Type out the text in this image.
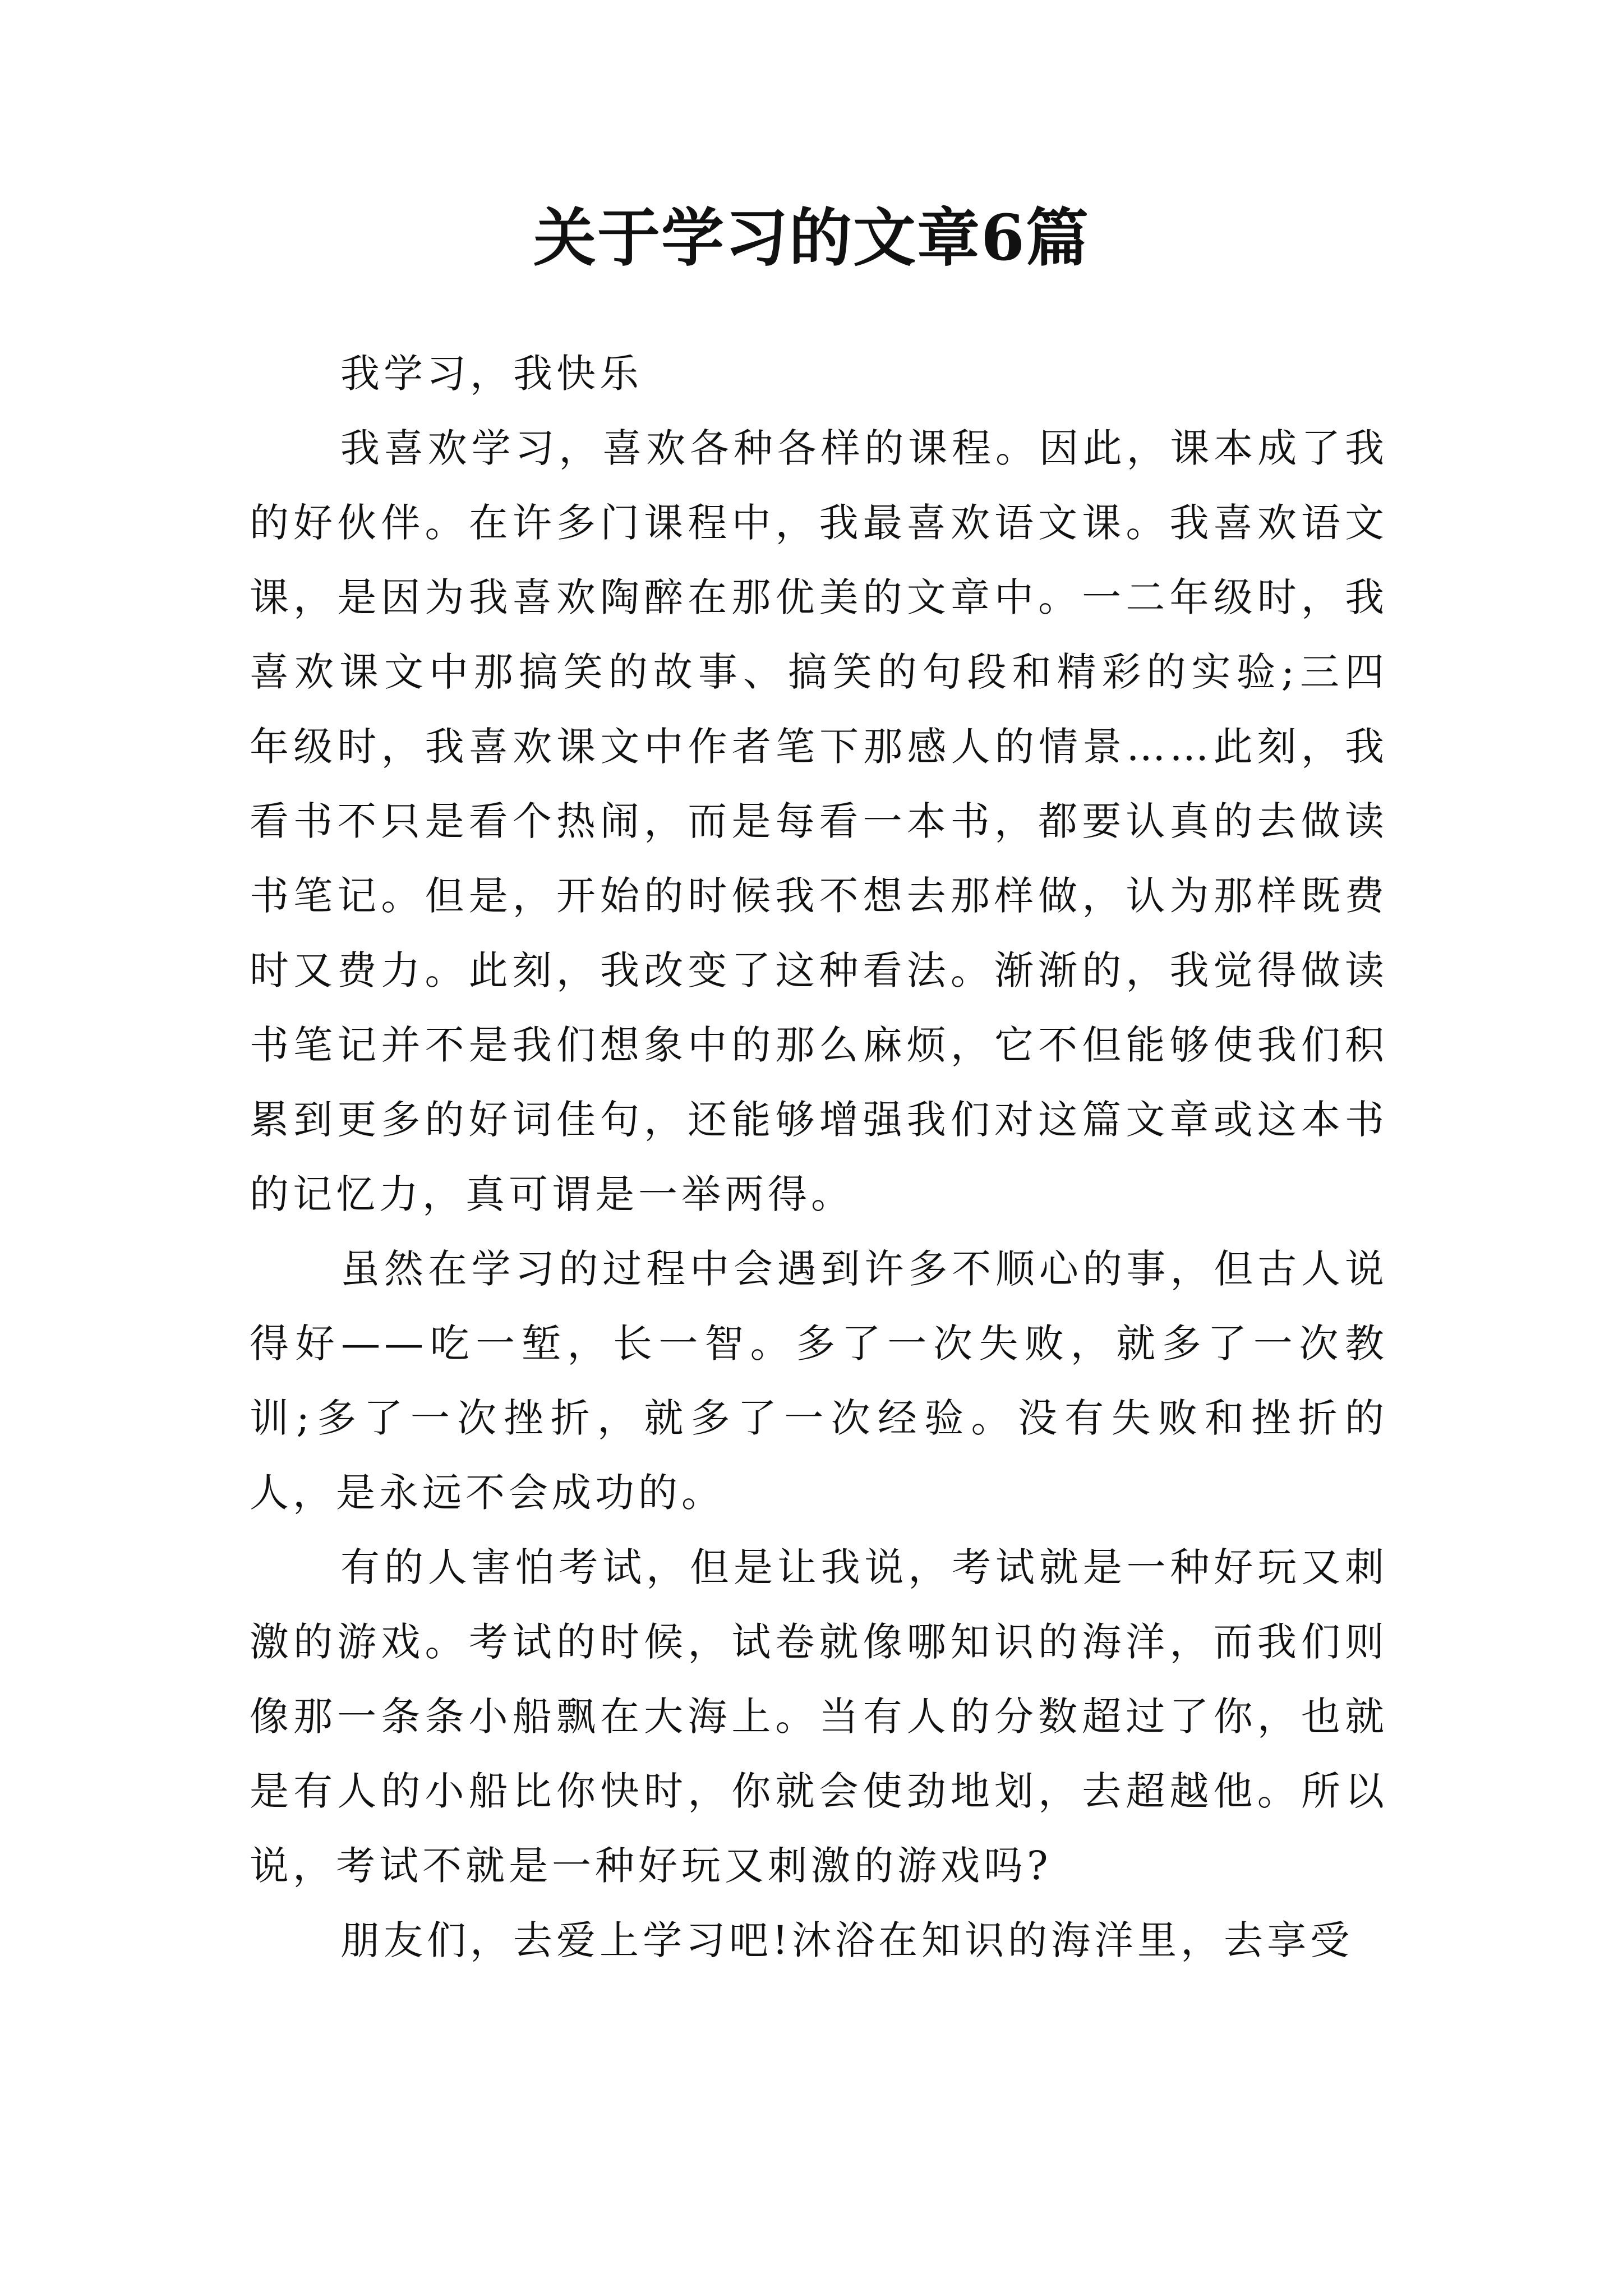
关于学习的文章6篇

我学习，我快乐

我喜欢学习，喜欢各种各样的课程。因此，课本成了我的好伙伴。在许多门课程中，我最喜欢语文课。我喜欢语文课，是因为我喜欢陶醉在那优美的文章中。一二年级时，我喜欢课文中那搞笑的故事、搞笑的句段和精彩的实验;三四年级时，我喜欢课文中作者笔下那感人的情景……此刻，我看书不只是看个热闹，而是每看一本书，都要认真的去做读书笔记。但是，开始的时候我不想去那样做，认为那样既费时又费力。此刻，我改变了这种看法。渐渐的，我觉得做读书笔记并不是我们想象中的那么麻烦，它不但能够使我们积累到更多的好词佳句，还能够增强我们对这篇文章或这本书的记忆力，真可谓是一举两得。

虽然在学习的过程中会遇到许多不顺心的事，但古人说得好——吃一堑，长一智。多了一次失败，就多了一次教训;多了一次挫折，就多了一次经验。没有失败和挫折的人，是永远不会成功的。

有的人害怕考试，但是让我说，考试就是一种好玩又刺激的游戏。考试的时候，试卷就像哪知识的海洋，而我们则像那一条条小船飘在大海上。当有人的分数超过了你，也就是有人的小船比你快时，你就会使劲地划，去超越他。所以说，考试不就是一种好玩又刺激的游戏吗?

朋友们，去爱上学习吧!沐浴在知识的海洋里，去享受
